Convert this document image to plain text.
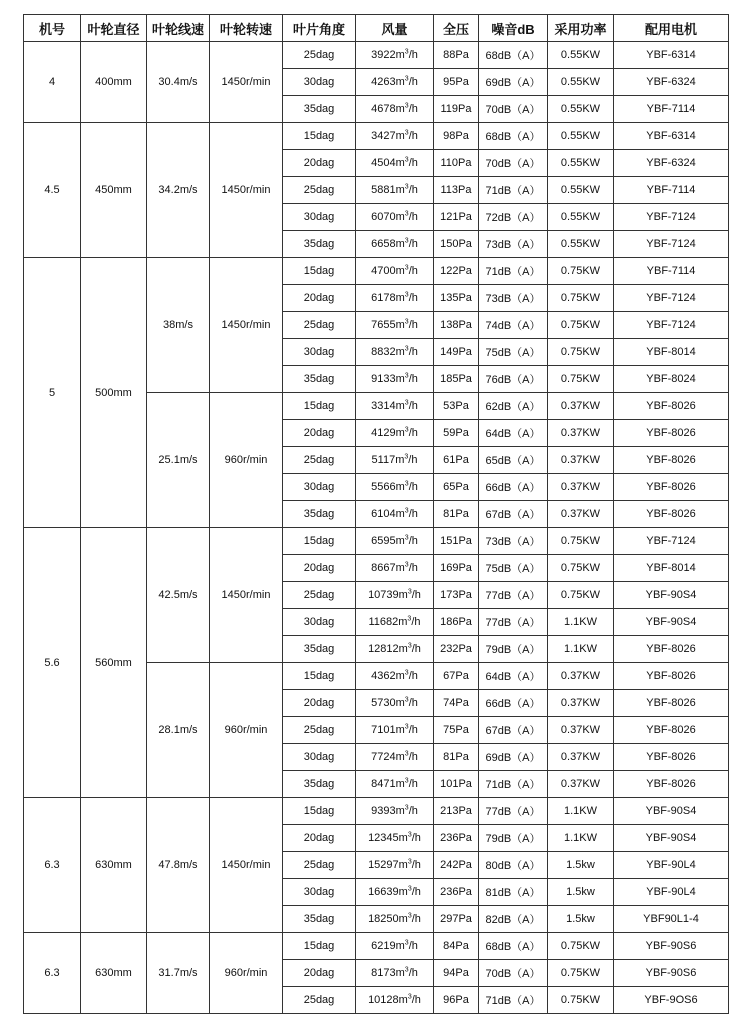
机号	叶轮直径	叶轮线速	叶轮转速	叶片角度	风量	全压	噪音dB	采用功率	配用电机
4	400mm	30.4m/s	1450r/min	25dag	$3922m^3/h$	88Pa	68dB（A）	0.55KW	YBF-6314
				30dag	$4263m^3/h$	95Pa	69dB（A）	0.55KW	YBF-6324
				35dag	$4678m^3/h$	119Pa	70dB（A）	0.55KW	YBF-7114
4.5	450mm	34.2m/s	1450r/min	15dag	$3427m^3/h$	98Pa	68dB（A）	0.55KW	YBF-6314
				20dag	$4504m^3/h$	110Pa	70dB（A）	0.55KW	YBF-6324
				25dag	$5881m^3/h$	113Pa	71dB（A）	0.55KW	YBF-7114
				30dag	$6070m^3/h$	121Pa	72dB（A）	0.55KW	YBF-7124
				35dag	$6658m^3/h$	150Pa	73dB（A）	0.55KW	YBF-7124
5	500mm	38m/s	1450r/min	15dag	$4700m^3/h$	122Pa	71dB（A）	0.75KW	YBF-7114
				20dag	$6178m^3/h$	135Pa	73dB（A）	0.75KW	YBF-7124
				25dag	$7655m^3/h$	138Pa	74dB（A）	0.75KW	YBF-7124
				30dag	$8832m^3/h$	149Pa	75dB（A）	0.75KW	YBF-8014
				35dag	$9133m^3/h$	185Pa	76dB（A）	0.75KW	YBF-8024
		25.1m/s	960r/min	15dag	$3314m^3/h$	53Pa	62dB（A）	0.37KW	YBF-8026
				20dag	$4129m^3/h$	59Pa	64dB（A）	0.37KW	YBF-8026
				25dag	$5117m^3/h$	61Pa	65dB（A）	0.37KW	YBF-8026
				30dag	$5566m^3/h$	65Pa	66dB（A）	0.37KW	YBF-8026
				35dag	$6104m^3/h$	81Pa	67dB（A）	0.37KW	YBF-8026
5.6	560mm	42.5m/s	1450r/min	15dag	$6595m^3/h$	151Pa	73dB（A）	0.75KW	YBF-7124
				20dag	$8667m^3/h$	169Pa	75dB（A）	0.75KW	YBF-8014
				25dag	$10739m^3/h$	173Pa	77dB（A）	0.75KW	YBF-90S4
				30dag	$11682m^3/h$	186Pa	77dB（A）	1.1KW	YBF-90S4
				35dag	$12812m^3/h$	232Pa	79dB（A）	1.1KW	YBF-8026
		28.1m/s	960r/min	15dag	$4362m^3/h$	67Pa	64dB（A）	0.37KW	YBF-8026
				20dag	$5730m^3/h$	74Pa	66dB（A）	0.37KW	YBF-8026
				25dag	$7101m^3/h$	75Pa	67dB（A）	0.37KW	YBF-8026
				30dag	$7724m^3/h$	81Pa	69dB（A）	0.37KW	YBF-8026
				35dag	$8471m^3/h$	101Pa	71dB（A）	0.37KW	YBF-8026
6.3	630mm	47.8m/s	1450r/min	15dag	$9393m^3/h$	213Pa	77dB（A）	1.1KW	YBF-90S4
				20dag	$12345m^3/h$	236Pa	79dB（A）	1.1KW	YBF-90S4
				25dag	$15297m^3/h$	242Pa	80dB（A）	1.5kw	YBF-90L4
				30dag	$16639m^3/h$	236Pa	81dB（A）	1.5kw	YBF-90L4
				35dag	$18250m^3/h$	297Pa	82dB（A）	1.5kw	YBF90L1-4
6.3	630mm	31.7m/s	960r/min	15dag	$6219m^3/h$	84Pa	68dB（A）	0.75KW	YBF-90S6
				20dag	$8173m^3/h$	94Pa	70dB（A）	0.75KW	YBF-90S6
				25dag	$10128m^3/h$	96Pa	71dB（A）	0.75KW	YBF-9OS6
